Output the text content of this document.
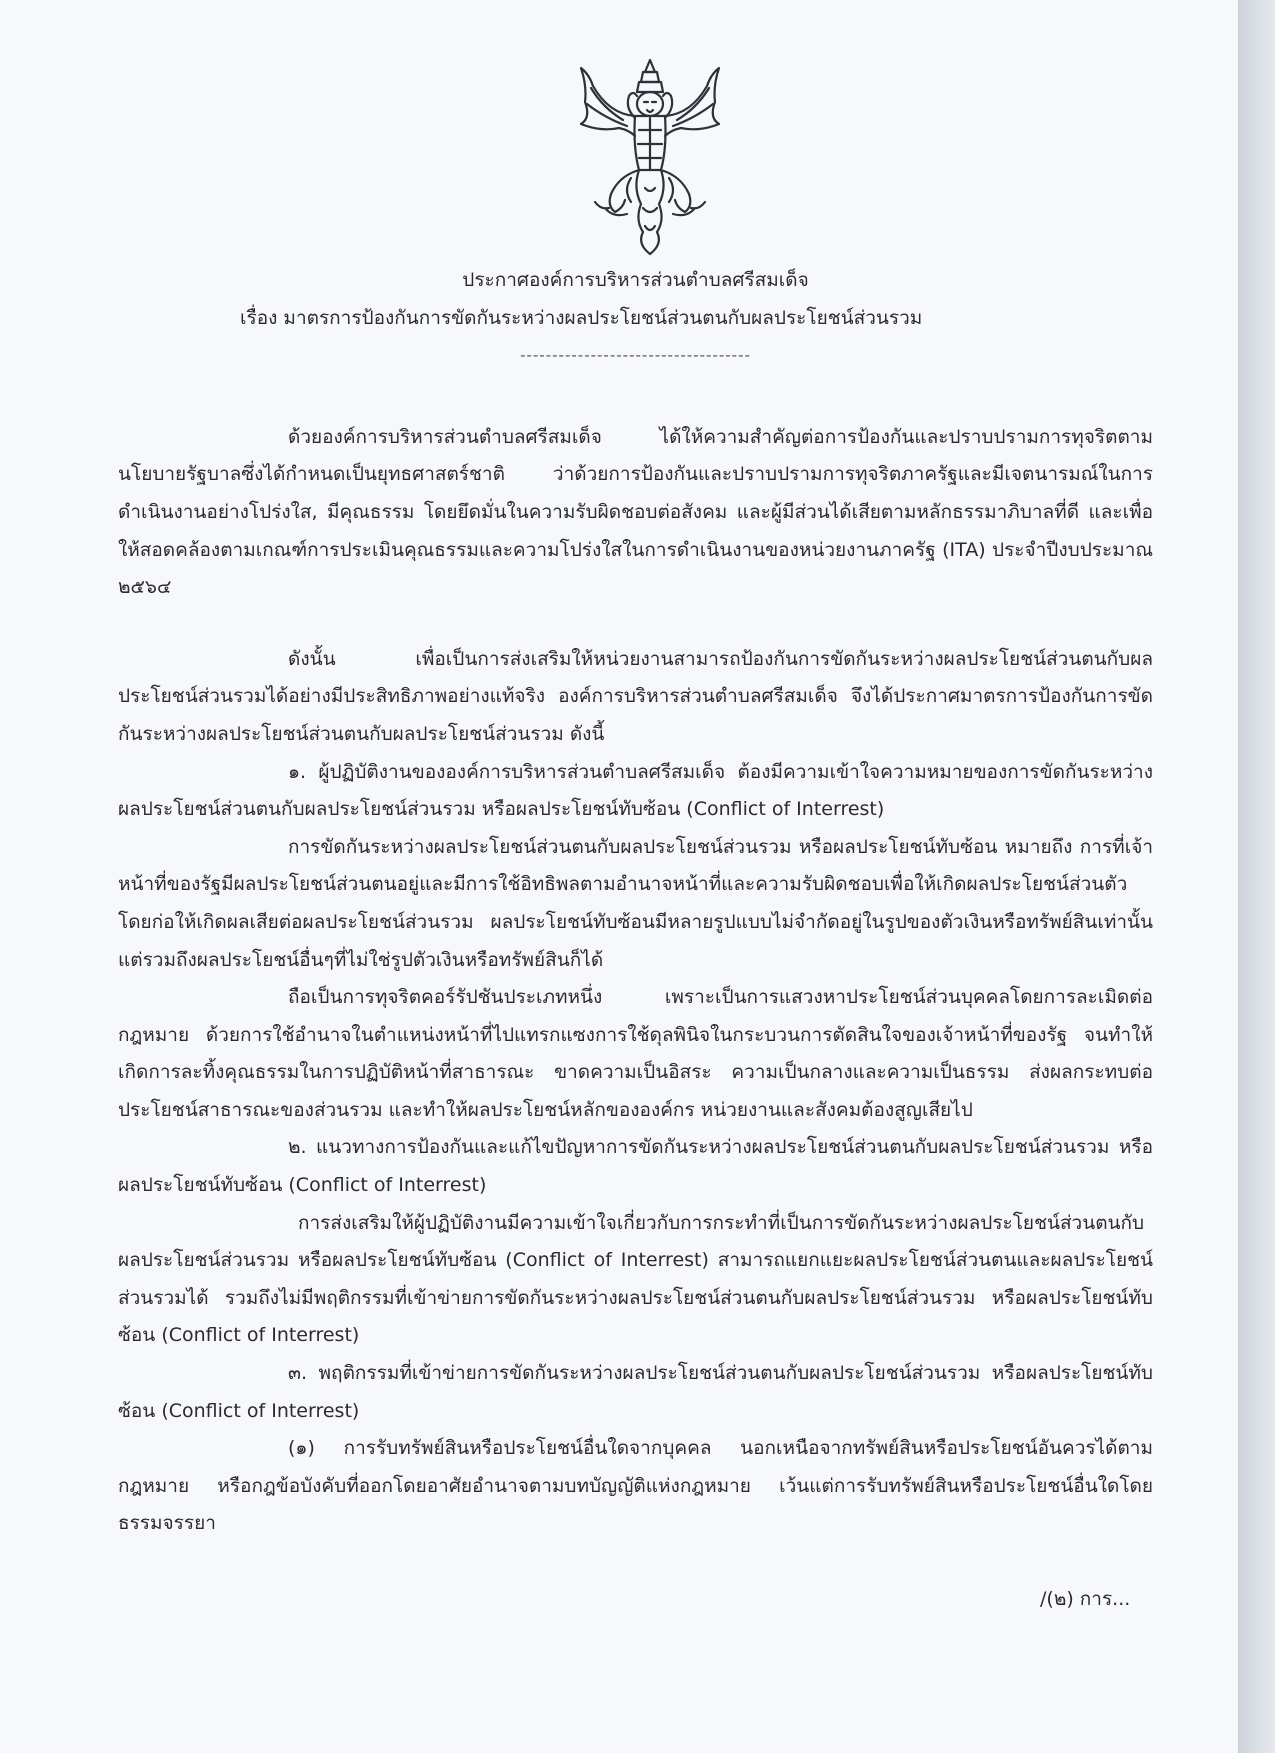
ประกาศองค์การบริหารส่วนตำบลศรีสมเด็จ

เรื่อง มาตรการป้องกันการขัดกันระหว่างผลประโยชน์ส่วนตนกับผลประโยชน์ส่วนรวม

------------------------------------

ด้วยองค์การบริหารส่วนตำบลศรีสมเด็จ ได้ให้ความสำคัญต่อการป้องกันและปราบปรามการทุจริตตามนโยบายรัฐบาลซึ่งได้กำหนดเป็นยุทธศาสตร์ชาติ ว่าด้วยการป้องกันและปราบปรามการทุจริตภาครัฐและมีเจตนารมณ์ในการดำเนินงานอย่างโปร่งใส, มีคุณธรรม โดยยึดมั่นในความรับผิดชอบต่อสังคม และผู้มีส่วนได้เสียตามหลักธรรมาภิบาลที่ดี และเพื่อให้สอดคล้องตามเกณฑ์การประเมินคุณธรรมและความโปร่งใสในการดำเนินงานของหน่วยงานภาครัฐ (ITA) ประจำปีงบประมาณ ๒๕๖๔

ดังนั้น เพื่อเป็นการส่งเสริมให้หน่วยงานสามารถป้องกันการขัดกันระหว่างผลประโยชน์ส่วนตนกับผลประโยชน์ส่วนรวมได้อย่างมีประสิทธิภาพอย่างแท้จริง องค์การบริหารส่วนตำบลศรีสมเด็จ จึงได้ประกาศมาตรการป้องกันการขัดกันระหว่างผลประโยชน์ส่วนตนกับผลประโยชน์ส่วนรวม ดังนี้

๑. ผู้ปฏิบัติงานขององค์การบริหารส่วนตำบลศรีสมเด็จ ต้องมีความเข้าใจความหมายของการขัดกันระหว่างผลประโยชน์ส่วนตนกับผลประโยชน์ส่วนรวม หรือผลประโยชน์ทับซ้อน (Conflict of Interrest)

การขัดกันระหว่างผลประโยชน์ส่วนตนกับผลประโยชน์ส่วนรวม หรือผลประโยชน์ทับซ้อน หมายถึง การที่เจ้าหน้าที่ของรัฐมีผลประโยชน์ส่วนตนอยู่และมีการใช้อิทธิพลตามอำนาจหน้าที่และความรับผิดชอบเพื่อให้เกิดผลประโยชน์ส่วนตัว โดยก่อให้เกิดผลเสียต่อผลประโยชน์ส่วนรวม ผลประโยชน์ทับซ้อนมีหลายรูปแบบไม่จำกัดอยู่ในรูปของตัวเงินหรือทรัพย์สินเท่านั้น แต่รวมถึงผลประโยชน์อื่นๆที่ไม่ใช่รูปตัวเงินหรือทรัพย์สินก็ได้

ถือเป็นการทุจริตคอร์รัปชันประเภทหนึ่ง เพราะเป็นการแสวงหาประโยชน์ส่วนบุคคลโดยการละเมิดต่อกฎหมาย ด้วยการใช้อำนาจในตำแหน่งหน้าที่ไปแทรกแซงการใช้ดุลพินิจในกระบวนการตัดสินใจของเจ้าหน้าที่ของรัฐ จนทำให้เกิดการละทิ้งคุณธรรมในการปฏิบัติหน้าที่สาธารณะ ขาดความเป็นอิสระ ความเป็นกลางและความเป็นธรรม ส่งผลกระทบต่อประโยชน์สาธารณะของส่วนรวม และทำให้ผลประโยชน์หลักขององค์กร หน่วยงานและสังคมต้องสูญเสียไป

๒. แนวทางการป้องกันและแก้ไขปัญหาการขัดกันระหว่างผลประโยชน์ส่วนตนกับผลประโยชน์ส่วนรวม หรือผลประโยชน์ทับซ้อน (Conflict of Interrest)

การส่งเสริมให้ผู้ปฏิบัติงานมีความเข้าใจเกี่ยวกับการกระทำที่เป็นการขัดกันระหว่างผลประโยชน์ส่วนตนกับผลประโยชน์ส่วนรวม หรือผลประโยชน์ทับซ้อน (Conflict of Interrest) สามารถแยกแยะผลประโยชน์ส่วนตนและผลประโยชน์ส่วนรวมได้ รวมถึงไม่มีพฤติกรรมที่เข้าข่ายการขัดกันระหว่างผลประโยชน์ส่วนตนกับผลประโยชน์ส่วนรวม หรือผลประโยชน์ทับซ้อน (Conflict of Interrest)

๓. พฤติกรรมที่เข้าข่ายการขัดกันระหว่างผลประโยชน์ส่วนตนกับผลประโยชน์ส่วนรวม หรือผลประโยชน์ทับซ้อน (Conflict of Interrest)

(๑) การรับทรัพย์สินหรือประโยชน์อื่นใดจากบุคคล นอกเหนือจากทรัพย์สินหรือประโยชน์อันควรได้ตามกฎหมาย หรือกฎข้อบังคับที่ออกโดยอาศัยอำนาจตามบทบัญญัติแห่งกฎหมาย เว้นแต่การรับทรัพย์สินหรือประโยชน์อื่นใดโดยธรรมจรรยา

/(๒) การ...
